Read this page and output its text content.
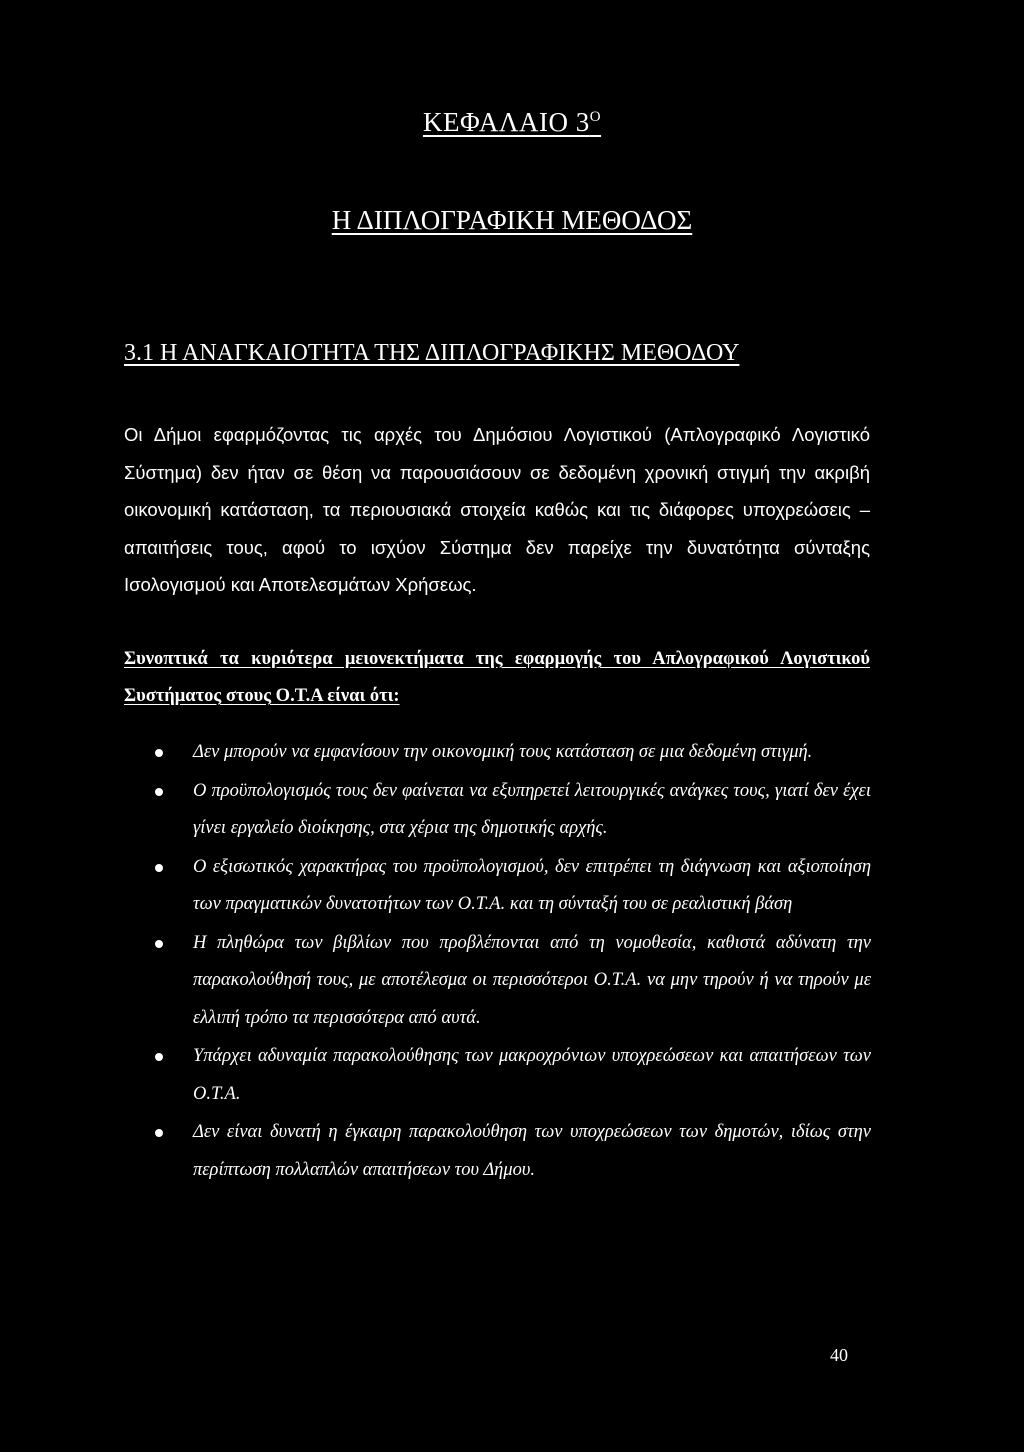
ΚΕΦΑΛΑΙΟ $3^O$
Η ΔΙΠΛΟΓΡΑΦΙΚΗ ΜΕΘΟΔΟΣ
3.1 Η ΑΝΑΓΚΑΙΟΤΗΤΑ ΤΗΣ ΔΙΠΛΟΓΡΑΦΙΚΗΣ ΜΕΘΟΔΟΥ

Οι Δήμοι εφαρμόζοντας τις αρχές του Δημόσιου Λογιστικού (Απλογραφικό Λογιστικό Σύστημα) δεν ήταν σε θέση να παρουσιάσουν σε δεδομένη χρονική στιγμή την ακριβή οικονομική κατάσταση, τα περιουσιακά στοιχεία καθώς και τις διάφορες υποχρεώσεις – απαιτήσεις τους, αφού το ισχύον Σύστημα δεν παρείχε την δυνατότητα σύνταξης Ισολογισμού και Αποτελεσμάτων Χρήσεως.

Συνοπτικά τα κυριότερα μειονεκτήματα της εφαρμογής του Απλογραφικού Λογιστικού Συστήματος στους Ο.Τ.Α είναι ότι:

Δεν μπορούν να εμφανίσουν την οικονομική τους κατάσταση σε μια δεδομένη στιγμή.
Ο προϋπολογισμός τους δεν φαίνεται να εξυπηρετεί λειτουργικές ανάγκες τους, γιατί δεν έχει γίνει εργαλείο διοίκησης, στα χέρια της δημοτικής αρχής.
Ο εξισωτικός χαρακτήρας του προϋπολογισμού, δεν επιτρέπει τη διάγνωση και αξιοποίηση των πραγματικών δυνατοτήτων των Ο.Τ.Α. και τη σύνταξή του σε ρεαλιστική βάση
Η πληθώρα των βιβλίων που προβλέπονται από τη νομοθεσία, καθιστά αδύνατη την παρακολούθησή τους, με αποτέλεσμα οι περισσότεροι Ο.Τ.Α. να μην τηρούν ή να τηρούν με ελλιπή τρόπο τα περισσότερα από αυτά.
Υπάρχει αδυναμία παρακολούθησης των μακροχρόνιων υποχρεώσεων και απαιτήσεων των Ο.Τ.Α.
Δεν είναι δυνατή η έγκαιρη παρακολούθηση των υποχρεώσεων των δημοτών, ιδίως στην περίπτωση πολλαπλών απαιτήσεων του Δήμου.
40
